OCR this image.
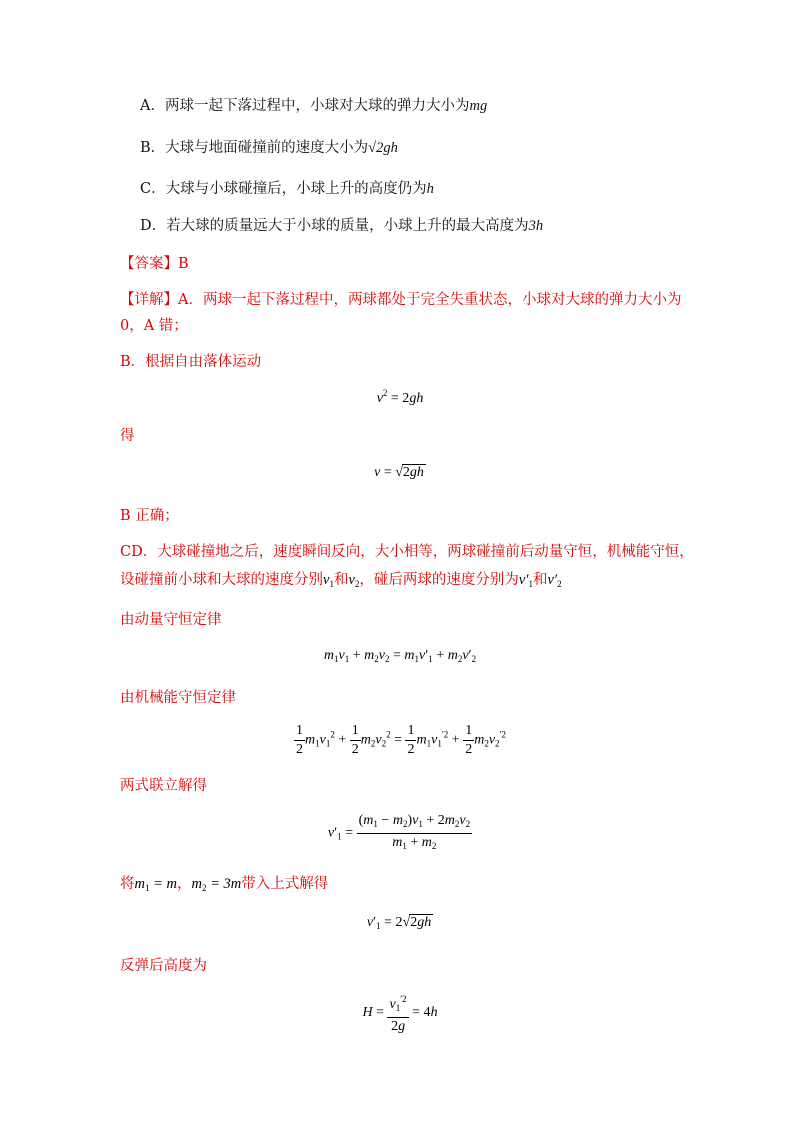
A．两球一起下落过程中，小球对大球的弹力大小为mg
B．大球与地面碰撞前的速度大小为√2gh
C．大球与小球碰撞后，小球上升的高度仍为h
D．若大球的质量远大于小球的质量，小球上升的最大高度为3h
【答案】B
【详解】A．两球一起下落过程中，两球都处于完全失重状态，小球对大球的弹力大小为
0，A 错；
B．根据自由落体运动
$v^2 = 2gh$
得
v = √2gh
B 正确；
CD．大球碰撞地之后，速度瞬间反向，大小相等，两球碰撞前后动量守恒，机械能守恒，
设碰撞前小球和大球的速度分别$v_1$和$v_2$，碰后两球的速度分别为$v'_1$和$v'_2$
由动量守恒定律
$m_1v_1 + m_2v_2 = m_1v'_1 + m_2v'_2$
由机械能守恒定律
$\frac{1}{2} m_1v_1^2 + \frac{1}{2} m_2v_2^2 = \frac{1}{2} m_1v_1^{'2} + \frac{1}{2} m_2v_2^{'2}$
两式联立解得
$v'_1 = \frac{(m_1 - m_2)v_1 + 2m_2v_2}{m_1 + m_2}$
将$m_1 = m$，$m_2 = 3m$带入上式解得
$v'_1 = 2√2gh$
反弹后高度为
$H = \frac{v_1^{'2}}{2g} = 4h$
